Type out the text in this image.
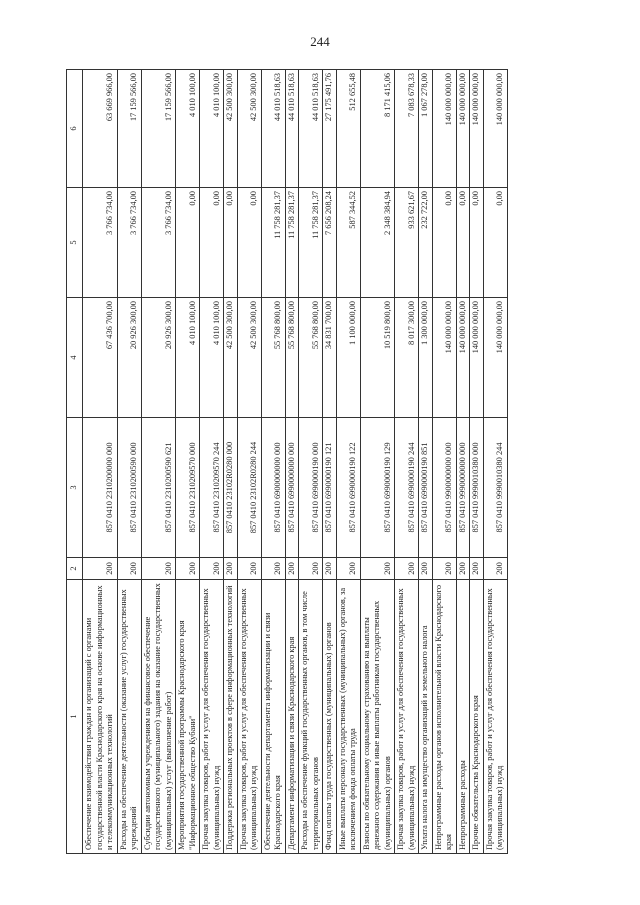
244
1	2	3	4	5	6
Обеспечение взаимодействия граждан и организаций с органами государственной власти Краснодарского края на основе информационных и телекоммуникационных технологий	200	857 0410 2310200000 000	67 436 700,00	3 766 734,00	63 669 966,00
Расходы на обеспечение деятельности (оказание услуг) государственных учреждений	200	857 0410 2310200590 000	20 926 300,00	3 766 734,00	17 159 566,00
Субсидии автономным учреждениям на финансовое обеспечение государственного (муниципального) задания на оказание государственных (муниципальных) услуг (выполнение работ)	200	857 0410 2310200590 621	20 926 300,00	3 766 734,00	17 159 566,00
Мероприятия государственной программы Краснодарского края "Информационное общество Кубани"	200	857 0410 2310209570 000	4 010 100,00	0,00	4 010 100,00
Прочая закупка товаров, работ и услуг для обеспечения государственных (муниципальных) нужд	200	857 0410 2310209570 244	4 010 100,00	0,00	4 010 100,00
Поддержка региональных проектов в сфере информационных технологий	200	857 0410 23102R0280 000	42 500 300,00	0,00	42 500 300,00
Прочая закупка товаров, работ и услуг для обеспечения государственных (муниципальных) нужд	200	857 0410 23102R0280 244	42 500 300,00	0,00	42 500 300,00
Обеспечение деятельности департамента информатизации и связи Краснодарского края	200	857 0410 6900000000 000	55 768 800,00	11 758 281,37	44 010 518,63
Департамент информатизации и связи Краснодарского края	200	857 0410 6990000000 000	55 768 800,00	11 758 281,37	44 010 518,63
Расходы на обеспечение функций государственных органов, в том числе территориальных органов	200	857 0410 6990000190 000	55 768 800,00	11 758 281,37	44 010 518,63
Фонд оплаты труда государственных (муниципальных) органов	200	857 0410 6990000190 121	34 831 700,00	7 656 208,24	27 175 491,76
Иные выплаты персоналу государственных (муниципальных) органов, за исключением фонда оплаты труда	200	857 0410 6990000190 122	1 100 000,00	587 344,52	512 655,48
Взносы по обязательному социальному страхованию на выплаты денежного содержания и иные выплаты работникам государственных (муниципальных) органов	200	857 0410 6990000190 129	10 519 800,00	2 348 384,94	8 171 415,06
Прочая закупка товаров, работ и услуг для обеспечения государственных (муниципальных) нужд	200	857 0410 6990000190 244	8 017 300,00	933 621,67	7 083 678,33
Уплата налога на имущество организаций и земельного налога	200	857 0410 6990000190 851	1 300 000,00	232 722,00	1 067 278,00
Непрограммные расходы органов исполнительной власти Краснодарского края	200	857 0410 9900000000 000	140 000 000,00	0,00	140 000 000,00
Непрограммные расходы	200	857 0410 9990000000 000	140 000 000,00	0,00	140 000 000,00
Прочие обязательства Краснодарского края	200	857 0410 9990010380 000	140 000 000,00	0,00	140 000 000,00
Прочая закупка товаров, работ и услуг для обеспечения государственных (муниципальных) нужд	200	857 0410 9990010380 244	140 000 000,00	0,00	140 000 000,00
